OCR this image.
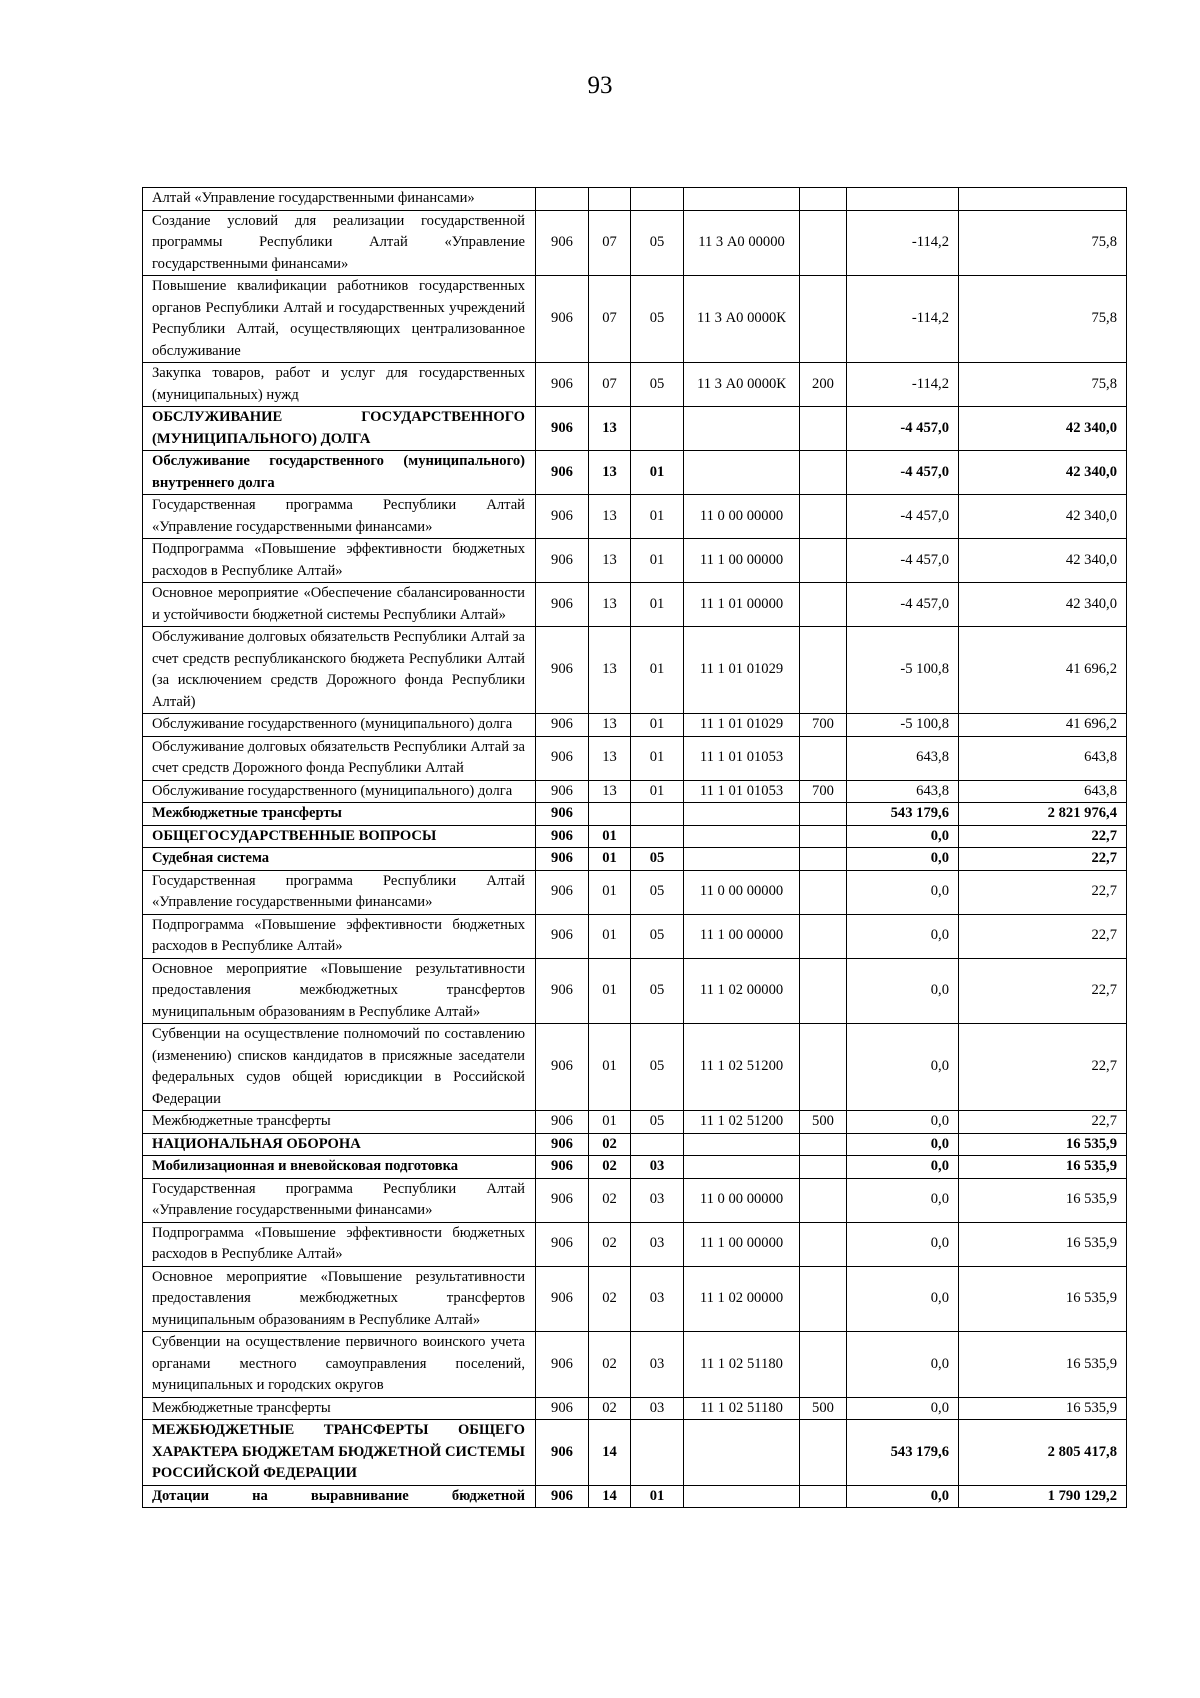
93
Алтай «Управление государственными финансами»							
Создание условий для реализации государственной программы Республики Алтай «Управление государственными финансами»	906	07	05	11 3 А0 00000		-114,2	75,8
Повышение квалификации работников государственных органов Республики Алтай и государственных учреждений Республики Алтай, осуществляющих централизованное обслуживание	906	07	05	11 3 А0 0000К		-114,2	75,8
Закупка товаров, работ и услуг для государственных (муниципальных) нужд	906	07	05	11 3 А0 0000К	200	-114,2	75,8
ОБСЛУЖИВАНИЕ ГОСУДАРСТВЕННОГО (МУНИЦИПАЛЬНОГО) ДОЛГА	906	13				-4 457,0	42 340,0
Обслуживание государственного (муниципального) внутреннего долга	906	13	01			-4 457,0	42 340,0
Государственная программа Республики Алтай «Управление государственными финансами»	906	13	01	11 0 00 00000		-4 457,0	42 340,0
Подпрограмма «Повышение эффективности бюджетных расходов в Республике Алтай»	906	13	01	11 1 00 00000		-4 457,0	42 340,0
Основное мероприятие «Обеспечение сбалансированности и устойчивости бюджетной системы Республики Алтай»	906	13	01	11 1 01 00000		-4 457,0	42 340,0
Обслуживание долговых обязательств Республики Алтай за счет средств республиканского бюджета Республики Алтай (за исключением средств Дорожного фонда Республики Алтай)	906	13	01	11 1 01 01029		-5 100,8	41 696,2
Обслуживание государственного (муниципального) долга	906	13	01	11 1 01 01029	700	-5 100,8	41 696,2
Обслуживание долговых обязательств Республики Алтай за счет средств Дорожного фонда Республики Алтай	906	13	01	11 1 01 01053		643,8	643,8
Обслуживание государственного (муниципального) долга	906	13	01	11 1 01 01053	700	643,8	643,8
Межбюджетные трансферты	906					543 179,6	2 821 976,4
ОБЩЕГОСУДАРСТВЕННЫЕ ВОПРОСЫ	906	01				0,0	22,7
Судебная система	906	01	05			0,0	22,7
Государственная программа Республики Алтай «Управление государственными финансами»	906	01	05	11 0 00 00000		0,0	22,7
Подпрограмма «Повышение эффективности бюджетных расходов в Республике Алтай»	906	01	05	11 1 00 00000		0,0	22,7
Основное мероприятие «Повышение результативности предоставления межбюджетных трансфертов муниципальным образованиям в Республике Алтай»	906	01	05	11 1 02 00000		0,0	22,7
Субвенции на осуществление полномочий по составлению (изменению) списков кандидатов в присяжные заседатели федеральных судов общей юрисдикции в Российской Федерации	906	01	05	11 1 02 51200		0,0	22,7
Межбюджетные трансферты	906	01	05	11 1 02 51200	500	0,0	22,7
НАЦИОНАЛЬНАЯ ОБОРОНА	906	02				0,0	16 535,9
Мобилизационная и вневойсковая подготовка	906	02	03			0,0	16 535,9
Государственная программа Республики Алтай «Управление государственными финансами»	906	02	03	11 0 00 00000		0,0	16 535,9
Подпрограмма «Повышение эффективности бюджетных расходов в Республике Алтай»	906	02	03	11 1 00 00000		0,0	16 535,9
Основное мероприятие «Повышение результативности предоставления межбюджетных трансфертов муниципальным образованиям в Республике Алтай»	906	02	03	11 1 02 00000		0,0	16 535,9
Субвенции на осуществление первичного воинского учета органами местного самоуправления поселений, муниципальных и городских округов	906	02	03	11 1 02 51180		0,0	16 535,9
Межбюджетные трансферты	906	02	03	11 1 02 51180	500	0,0	16 535,9
МЕЖБЮДЖЕТНЫЕ ТРАНСФЕРТЫ ОБЩЕГО ХАРАКТЕРА БЮДЖЕТАМ БЮДЖЕТНОЙ СИСТЕМЫ РОССИЙСКОЙ ФЕДЕРАЦИИ	906	14				543 179,6	2 805 417,8
Дотации на выравнивание бюджетной	906	14	01			0,0	1 790 129,2
